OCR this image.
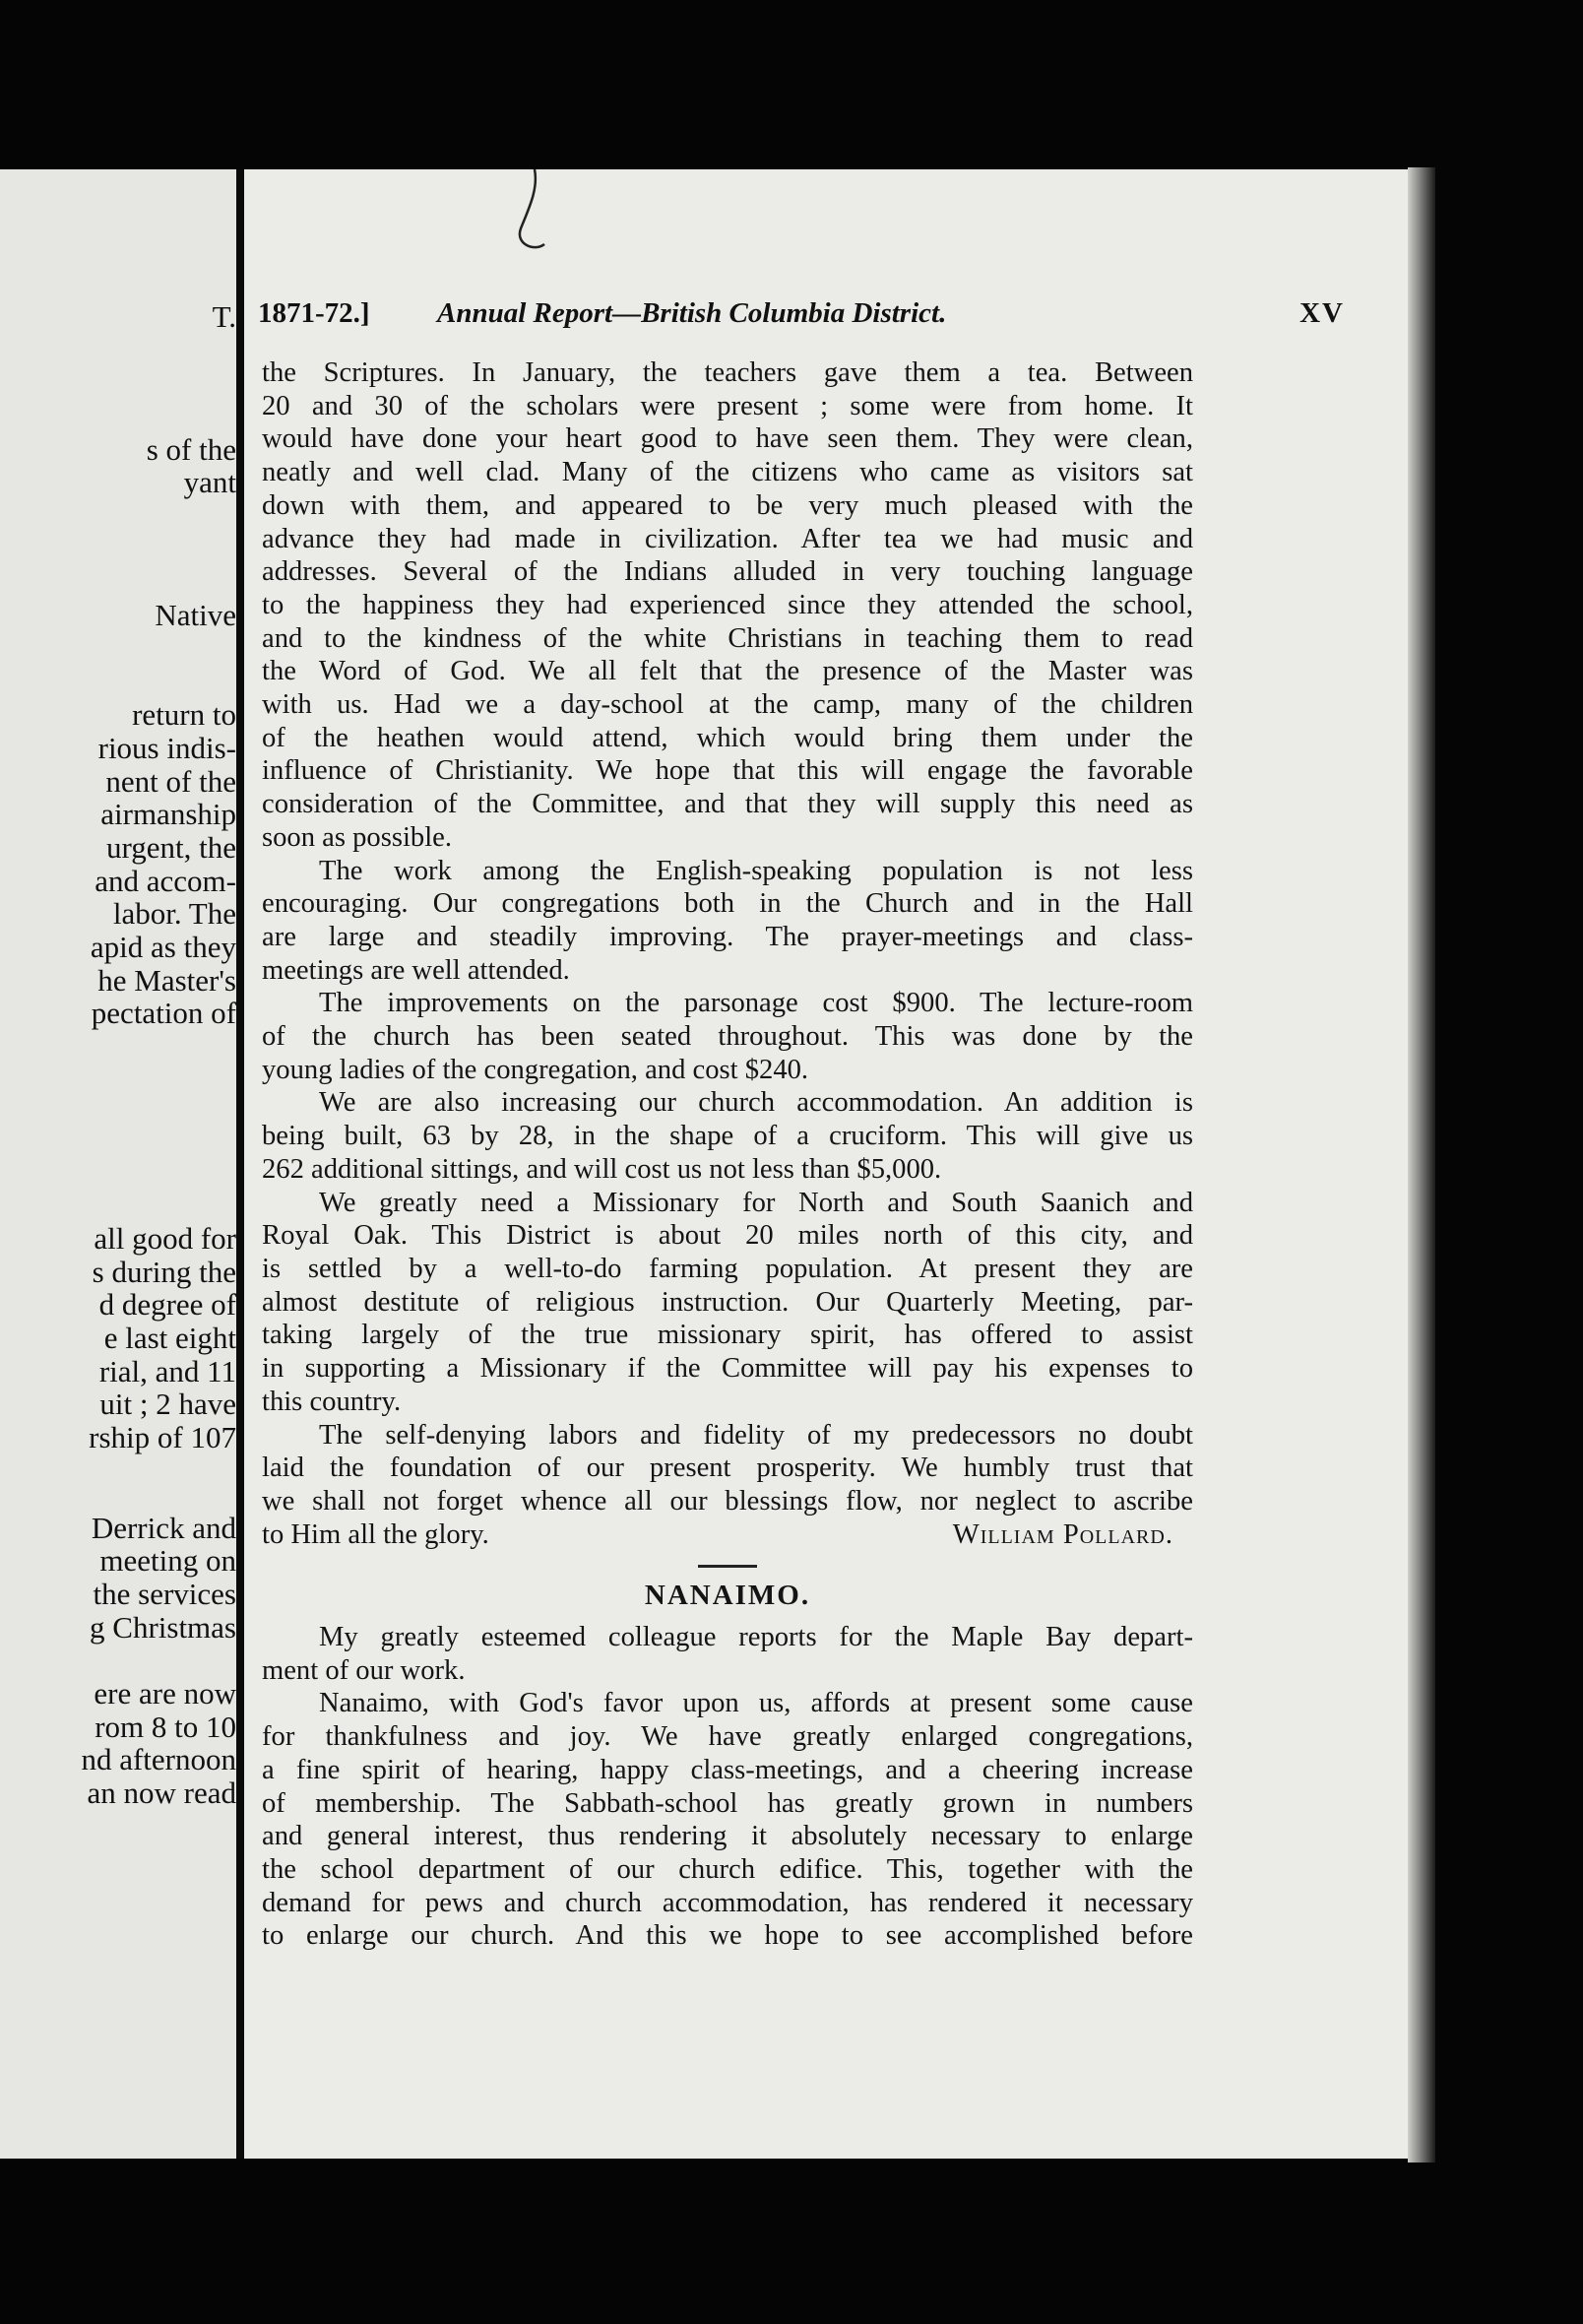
T.
s of the
yant
Native
return to
rious indis-
nent of the
airmanship
urgent, the
and accom-
labor. The
apid as they
he Master's
pectation of
all good for
s during the
d degree of
e last eight
rial, and 11
uit ; 2 have
rship of 107
Derrick and
meeting on
the services
g Christmas
ere are now
rom 8 to 10
nd afternoon
an now read
1871-72.] Annual Report—British Columbia District.	XV

the Scriptures. In January, the teachers gave them a tea. Between
20 and 30 of the scholars were present ; some were from home. It
would have done your heart good to have seen them. They were clean,
neatly and well clad. Many of the citizens who came as visitors sat
down with them, and appeared to be very much pleased with the
advance they had made in civilization. After tea we had music and
addresses. Several of the Indians alluded in very touching language
to the happiness they had experienced since they attended the school,
and to the kindness of the white Christians in teaching them to read
the Word of God. We all felt that the presence of the Master was
with us. Had we a day-school at the camp, many of the children
of the heathen would attend, which would bring them under the
influence of Christianity. We hope that this will engage the favorable
consideration of the Committee, and that they will supply this need as
soon as possible.

The work among the English-speaking population is not less
encouraging. Our congregations both in the Church and in the Hall
are large and steadily improving. The prayer-meetings and class-
meetings are well attended.

The improvements on the parsonage cost $900. The lecture-room
of the church has been seated throughout. This was done by the
young ladies of the congregation, and cost $240.

We are also increasing our church accommodation. An addition is
being built, 63 by 28, in the shape of a cruciform. This will give us
262 additional sittings, and will cost us not less than $5,000.

We greatly need a Missionary for North and South Saanich and
Royal Oak. This District is about 20 miles north of this city, and
is settled by a well-to-do farming population. At present they are
almost destitute of religious instruction. Our Quarterly Meeting, par-
taking largely of the true missionary spirit, has offered to assist
in supporting a Missionary if the Committee will pay his expenses to
this country.

The self-denying labors and fidelity of my predecessors no doubt
laid the foundation of our present prosperity. We humbly trust that
we shall not forget whence all our blessings flow, nor neglect to ascribe
to Him all the glory.	William Pollard.

NANAIMO.

My greatly esteemed colleague reports for the Maple Bay depart-
ment of our work.

Nanaimo, with God's favor upon us, affords at present some cause
for thankfulness and joy. We have greatly enlarged congregations,
a fine spirit of hearing, happy class-meetings, and a cheering increase
of membership. The Sabbath-school has greatly grown in numbers
and general interest, thus rendering it absolutely necessary to enlarge
the school department of our church edifice. This, together with the
demand for pews and church accommodation, has rendered it necessary
to enlarge our church. And this we hope to see accomplished before
